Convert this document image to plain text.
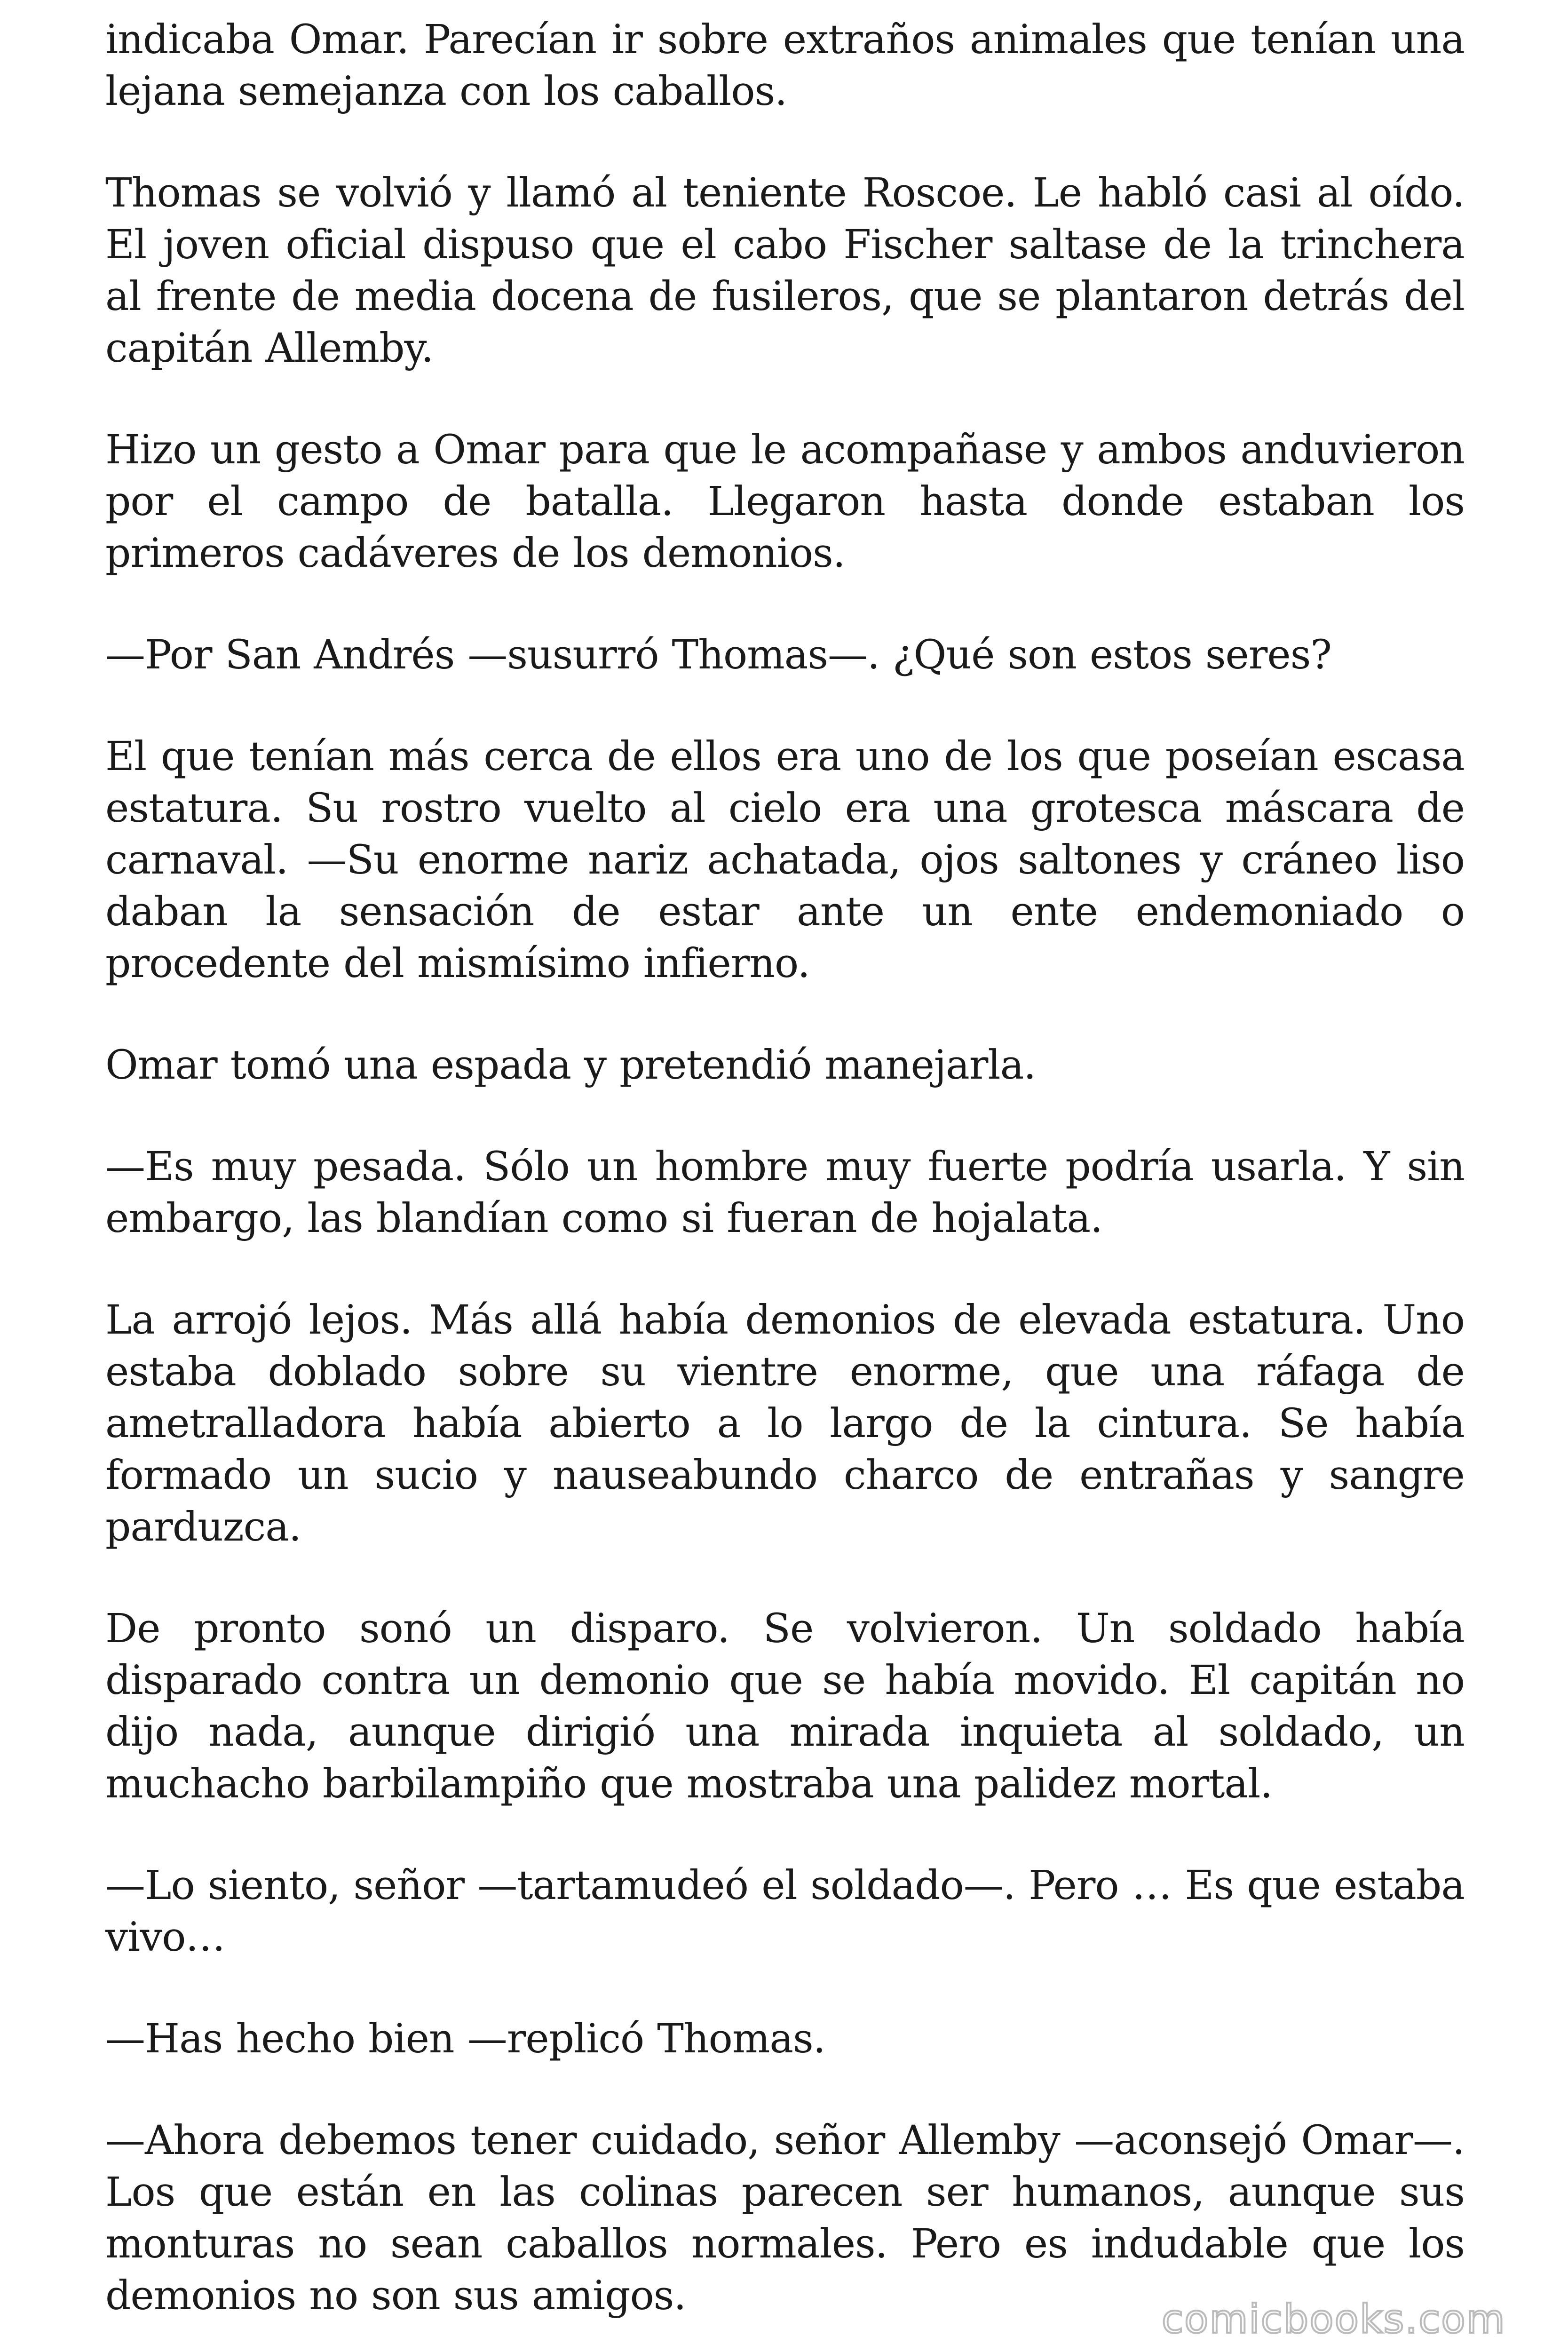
indicaba Omar. Parecían ir sobre extraños animales que tenían una lejana semejanza con los caballos.

Thomas se volvió y llamó al teniente Roscoe. Le habló casi al oído. El joven oficial dispuso que el cabo Fischer saltase de la trinchera al frente de media docena de fusileros, que se plantaron detrás del capitán Allemby.

Hizo un gesto a Omar para que le acompañase y ambos anduvieron por el campo de batalla. Llegaron hasta donde estaban los primeros cadáveres de los demonios.

—Por San Andrés —susurró Thomas—. ¿Qué son estos seres?

El que tenían más cerca de ellos era uno de los que poseían escasa estatura. Su rostro vuelto al cielo era una grotesca máscara de carnaval. —Su enorme nariz achatada, ojos saltones y cráneo liso daban la sensación de estar ante un ente endemoniado o procedente del mismísimo infierno.

Omar tomó una espada y pretendió manejarla.

—Es muy pesada. Sólo un hombre muy fuerte podría usarla. Y sin embargo, las blandían como si fueran de hojalata.

La arrojó lejos. Más allá había demonios de elevada estatura. Uno estaba doblado sobre su vientre enorme, que una ráfaga de ametralladora había abierto a lo largo de la cintura. Se había formado un sucio y nauseabundo charco de entrañas y sangre parduzca.

De pronto sonó un disparo. Se volvieron. Un soldado había disparado contra un demonio que se había movido. El capitán no dijo nada, aunque dirigió una mirada inquieta al soldado, un muchacho barbilampiño que mostraba una palidez mortal.

—Lo siento, señor —tartamudeó el soldado—. Pero … Es que estaba vivo…

—Has hecho bien —replicó Thomas.

—Ahora debemos tener cuidado, señor Allemby —aconsejó Omar—. Los que están en las colinas parecen ser humanos, aunque sus monturas no sean caballos normales. Pero es indudable que los demonios no son sus amigos.	comicbooks.com
